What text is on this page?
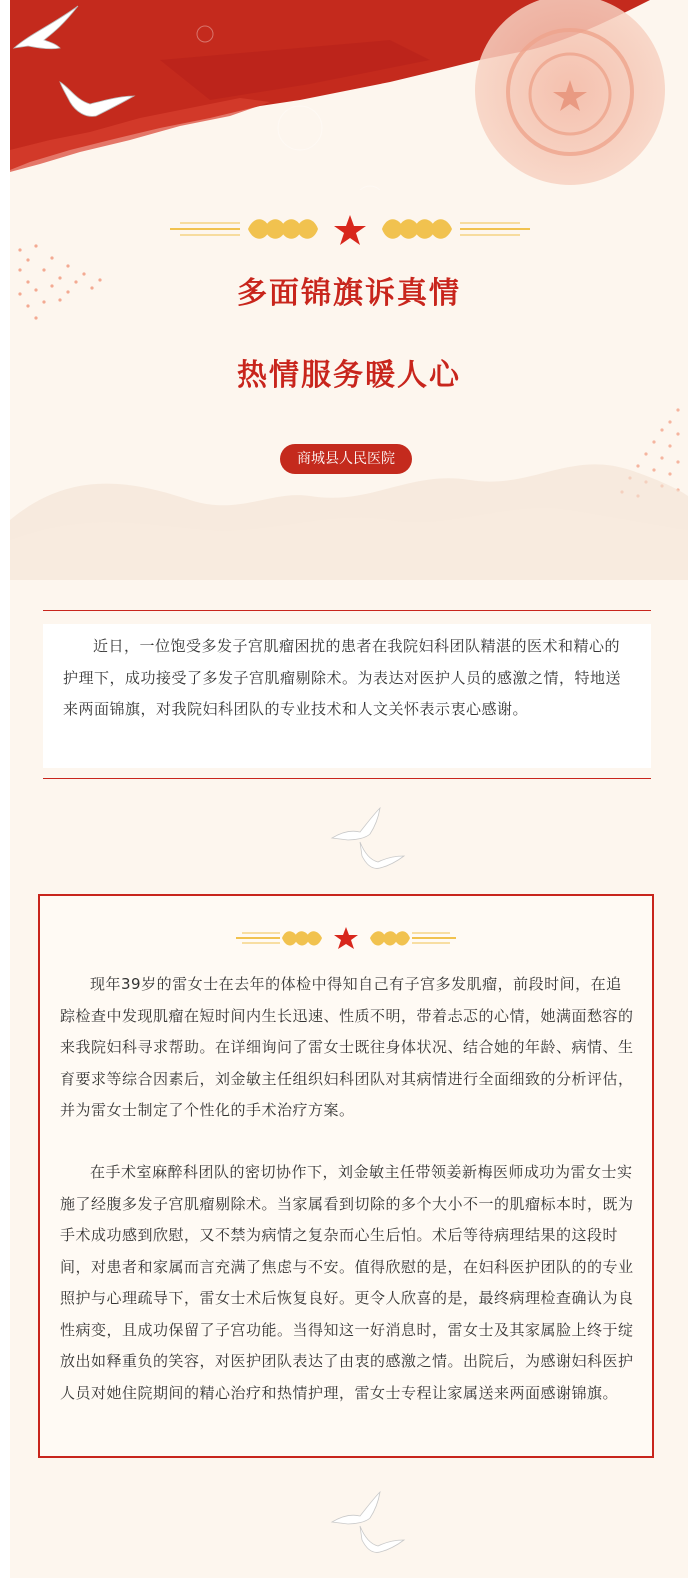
多面锦旗诉真情
热情服务暖人心
商城县人民医院

近日，一位饱受多发子宫肌瘤困扰的患者在我院妇科团队精湛的医术和精心的护理下，成功接受了多发子宫肌瘤剔除术。为表达对医护人员的感激之情，特地送来两面锦旗，对我院妇科团队的专业技术和人文关怀表示衷心感谢。

现年39岁的雷女士在去年的体检中得知自己有子宫多发肌瘤，前段时间，在追踪检查中发现肌瘤在短时间内生长迅速、性质不明，带着忐忑的心情，她满面愁容的来我院妇科寻求帮助。在详细询问了雷女士既往身体状况、结合她的年龄、病情、生育要求等综合因素后，刘金敏主任组织妇科团队对其病情进行全面细致的分析评估，并为雷女士制定了个性化的手术治疗方案。

在手术室麻醉科团队的密切协作下，刘金敏主任带领姜新梅医师成功为雷女士实施了经腹多发子宫肌瘤剔除术。当家属看到切除的多个大小不一的肌瘤标本时，既为手术成功感到欣慰，又不禁为病情之复杂而心生后怕。术后等待病理结果的这段时间，对患者和家属而言充满了焦虑与不安。值得欣慰的是，在妇科医护团队的的专业照护与心理疏导下，雷女士术后恢复良好。更令人欣喜的是，最终病理检查确认为良性病变，且成功保留了子宫功能。当得知这一好消息时，雷女士及其家属脸上终于绽放出如释重负的笑容，对医护团队表达了由衷的感激之情。出院后，为感谢妇科医护人员对她住院期间的精心治疗和热情护理，雷女士专程让家属送来两面感谢锦旗。
